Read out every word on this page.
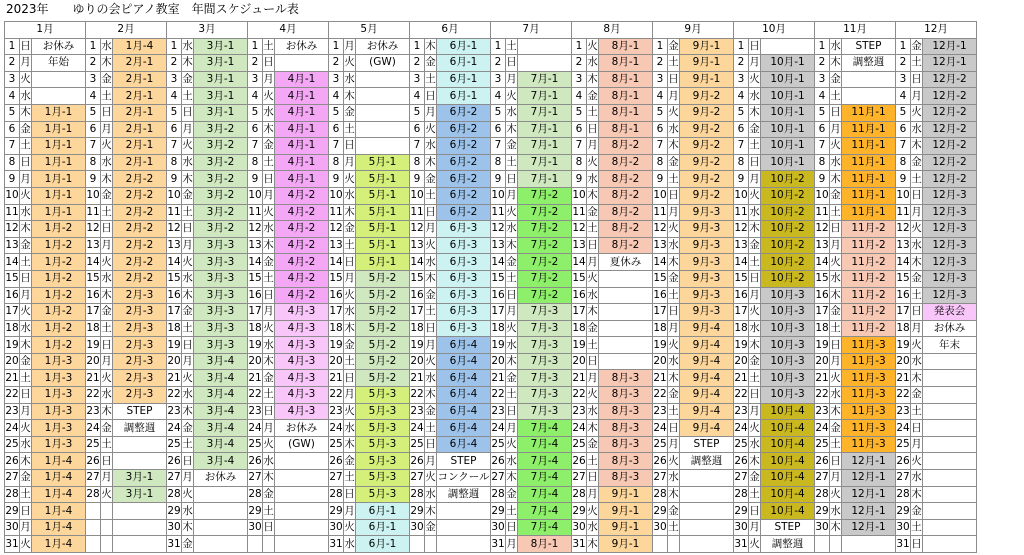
2023年　　ゆりの会ピアノ教室　年間スケジュール表
1月			2月			3月			4月			5月			6月			7月			8月			9月			10月			11月			12月		
1	日	お休み	1	水	1月-4	1	水	3月-1	1	土	お休み	1	月	お休み	1	木	6月-1	1	土		1	火	8月-1	1	金	9月-1	1	日		1	水	STEP	1	金	12月-1
2	月	年始	2	木	2月-1	2	木	3月-1	2	日		2	火	(GW)	2	金	6月-1	2	日		2	水	8月-1	2	土	9月-1	2	月	10月-1	2	木	調整週	2	土	12月-1
3	火		3	金	2月-1	3	金	3月-1	3	月	4月-1	3	水		3	土	6月-1	3	月	7月-1	3	木	8月-1	3	日	9月-1	3	火	10月-1	3	金		3	日	12月-2
4	水		4	土	2月-1	4	土	3月-1	4	火	4月-1	4	木		4	日	6月-1	4	火	7月-1	4	金	8月-1	4	月	9月-2	4	水	10月-1	4	土		4	月	12月-2
5	木	1月-1	5	日	2月-1	5	日	3月-1	5	水	4月-1	5	金		5	月	6月-2	5	水	7月-1	5	土	8月-1	5	火	9月-2	5	木	10月-1	5	日	11月-1	5	火	12月-2
6	金	1月-1	6	月	2月-1	6	月	3月-2	6	木	4月-1	6	土		6	火	6月-2	6	木	7月-1	6	日	8月-1	6	水	9月-2	6	金	10月-1	6	月	11月-1	6	水	12月-2
7	土	1月-1	7	火	2月-1	7	火	3月-2	7	金	4月-1	7	日		7	水	6月-2	7	金	7月-1	7	月	8月-2	7	木	9月-2	7	土	10月-1	7	火	11月-1	7	木	12月-2
8	日	1月-1	8	水	2月-1	8	水	3月-2	8	土	4月-1	8	月	5月-1	8	木	6月-2	8	土	7月-1	8	火	8月-2	8	金	9月-2	8	日	10月-1	8	水	11月-1	8	金	12月-2
9	月	1月-1	9	木	2月-2	9	木	3月-2	9	日	4月-1	9	火	5月-1	9	金	6月-2	9	日	7月-1	9	水	8月-2	9	土	9月-2	9	月	10月-2	9	木	11月-1	9	土	12月-2
10	火	1月-1	10	金	2月-2	10	金	3月-2	10	月	4月-2	10	水	5月-1	10	土	6月-2	10	月	7月-2	10	木	8月-2	10	日	9月-2	10	火	10月-2	10	金	11月-1	10	日	12月-3
11	水	1月-1	11	土	2月-2	11	土	3月-2	11	火	4月-2	11	木	5月-1	11	日	6月-2	11	火	7月-2	11	金	8月-2	11	月	9月-3	11	水	10月-2	11	土	11月-1	11	月	12月-3
12	木	1月-2	12	日	2月-2	12	日	3月-2	12	水	4月-2	12	金	5月-1	12	月	6月-3	12	水	7月-2	12	土	8月-2	12	火	9月-3	12	木	10月-2	12	日	11月-2	12	火	12月-3
13	金	1月-2	13	月	2月-2	13	月	3月-3	13	木	4月-2	13	土	5月-1	13	火	6月-3	13	木	7月-2	13	日	8月-2	13	水	9月-3	13	金	10月-2	13	月	11月-2	13	水	12月-3
14	土	1月-2	14	火	2月-2	14	火	3月-3	14	金	4月-2	14	日	5月-1	14	水	6月-3	14	金	7月-2	14	月	夏休み	14	木	9月-3	14	土	10月-2	14	火	11月-2	14	木	12月-3
15	日	1月-2	15	水	2月-2	15	水	3月-3	15	土	4月-2	15	月	5月-2	15	木	6月-3	15	土	7月-2	15	火		15	金	9月-3	15	日	10月-2	15	水	11月-2	15	金	12月-3
16	月	1月-2	16	木	2月-3	16	木	3月-3	16	日	4月-2	16	火	5月-2	16	金	6月-3	16	日	7月-2	16	水		16	土	9月-3	16	月	10月-3	16	木	11月-2	16	土	12月-3
17	火	1月-2	17	金	2月-3	17	金	3月-3	17	月	4月-3	17	水	5月-2	17	土	6月-3	17	月	7月-3	17	木		17	日	9月-3	17	火	10月-3	17	金	11月-2	17	日	発表会
18	水	1月-2	18	土	2月-3	18	土	3月-3	18	火	4月-3	18	木	5月-2	18	日	6月-3	18	火	7月-3	18	金		18	月	9月-4	18	水	10月-3	18	土	11月-2	18	月	お休み
19	木	1月-2	19	日	2月-3	19	日	3月-3	19	水	4月-3	19	金	5月-2	19	月	6月-4	19	水	7月-3	19	土		19	火	9月-4	19	木	10月-3	19	日	11月-3	19	火	年末
20	金	1月-3	20	月	2月-3	20	月	3月-4	20	木	4月-3	20	土	5月-2	20	火	6月-4	20	木	7月-3	20	日		20	水	9月-4	20	金	10月-3	20	月	11月-3	20	水	
21	土	1月-3	21	火	2月-3	21	火	3月-4	21	金	4月-3	21	日	5月-2	21	水	6月-4	21	金	7月-3	21	月	8月-3	21	木	9月-4	21	土	10月-3	21	火	11月-3	21	木	
22	日	1月-3	22	水	2月-3	22	水	3月-4	22	土	4月-3	22	月	5月-3	22	木	6月-4	22	土	7月-3	22	火	8月-3	22	金	9月-4	22	日	10月-3	22	水	11月-3	22	金	
23	月	1月-3	23	木	STEP	23	木	3月-4	23	日	4月-3	23	火	5月-3	23	金	6月-4	23	日	7月-3	23	水	8月-3	23	土	9月-4	23	月	10月-4	23	木	11月-3	23	土	
24	火	1月-3	24	金	調整週	24	金	3月-4	24	月	お休み	24	水	5月-3	24	土	6月-4	24	月	7月-4	24	木	8月-3	24	日	9月-4	24	火	10月-4	24	金	11月-3	24	日	
25	水	1月-3	25	土		25	土	3月-4	25	火	(GW)	25	木	5月-3	25	日	6月-4	25	火	7月-4	25	金	8月-3	25	月	STEP	25	水	10月-4	25	土	11月-3	25	月	
26	木	1月-4	26	日		26	日	3月-4	26	水		26	金	5月-3	26	月	STEP	26	水	7月-4	26	土	8月-3	26	火	調整週	26	木	10月-4	26	日	12月-1	26	火	
27	金	1月-4	27	月	3月-1	27	月	お休み	27	木		27	土	5月-3	27	火	コンクール	27	木	7月-4	27	日	8月-3	27	水		27	金	10月-4	27	月	12月-1	27	水	
28	土	1月-4	28	火	3月-1	28	火		28	金		28	日	5月-3	28	水	調整週	28	金	7月-4	28	月	9月-1	28	木		28	土	10月-4	28	火	12月-1	28	木	
29	日	1月-4				29	水		29	土		29	月	6月-1	29	木		29	土	7月-4	29	火	9月-1	29	金		29	日	10月-4	29	水	12月-1	29	金	
30	月	1月-4				30	木		30	日		30	火	6月-1	30	金		30	日	7月-4	30	水	9月-1	30	土		30	月	STEP	30	木	12月-1	30	土	
31	火	1月-4				31	金					31	水	6月-1				31	月	8月-1	31	木	9月-1				31	火	調整週				31	日	
